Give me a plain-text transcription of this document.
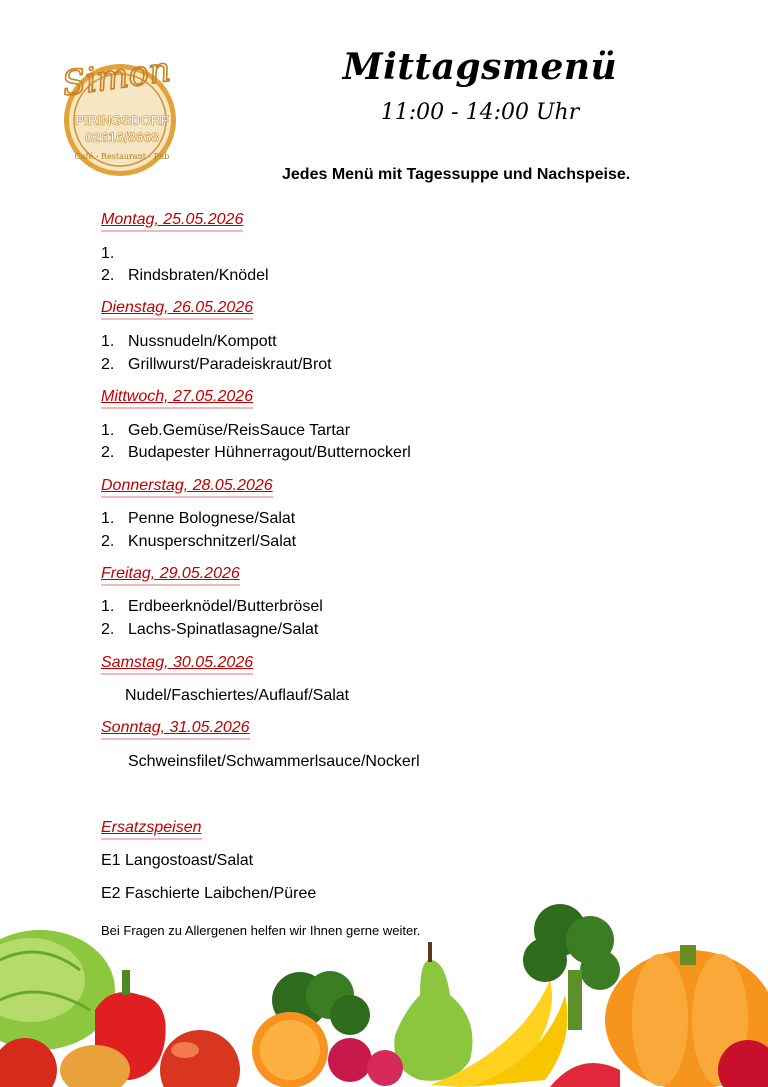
Simon
PIRINGSDORF
02616/8668
Café - Restaurant - Pub
Mittagsmenü
11:00 - 14:00 Uhr
Jedes Menü mit Tagessuppe und Nachspeise.
Montag, 25.05.2026
1.
2. Rindsbraten/Knödel
Dienstag, 26.05.2026
1. Nussnudeln/Kompott
2. Grillwurst/Paradeiskraut/Brot
Mittwoch, 27.05.2026
1. Geb.Gemüse/ReisSauce Tartar
2. Budapester Hühnerragout/Butternockerl
Donnerstag, 28.05.2026
1. Penne Bolognese/Salat
2. Knusperschnitzerl/Salat
Freitag, 29.05.2026
1. Erdbeerknödel/Butterbrösel
2. Lachs-Spinatlasagne/Salat
Samstag, 30.05.2026
Nudel/Faschiertes/Auflauf/Salat
Sonntag, 31.05.2026
Schweinsfilet/Schwammerlsauce/Nockerl
Ersatzspeisen
E1 Langostoast/Salat
E2 Faschierte Laibchen/Püree
Bei Fragen zu Allergenen helfen wir Ihnen gerne weiter.
